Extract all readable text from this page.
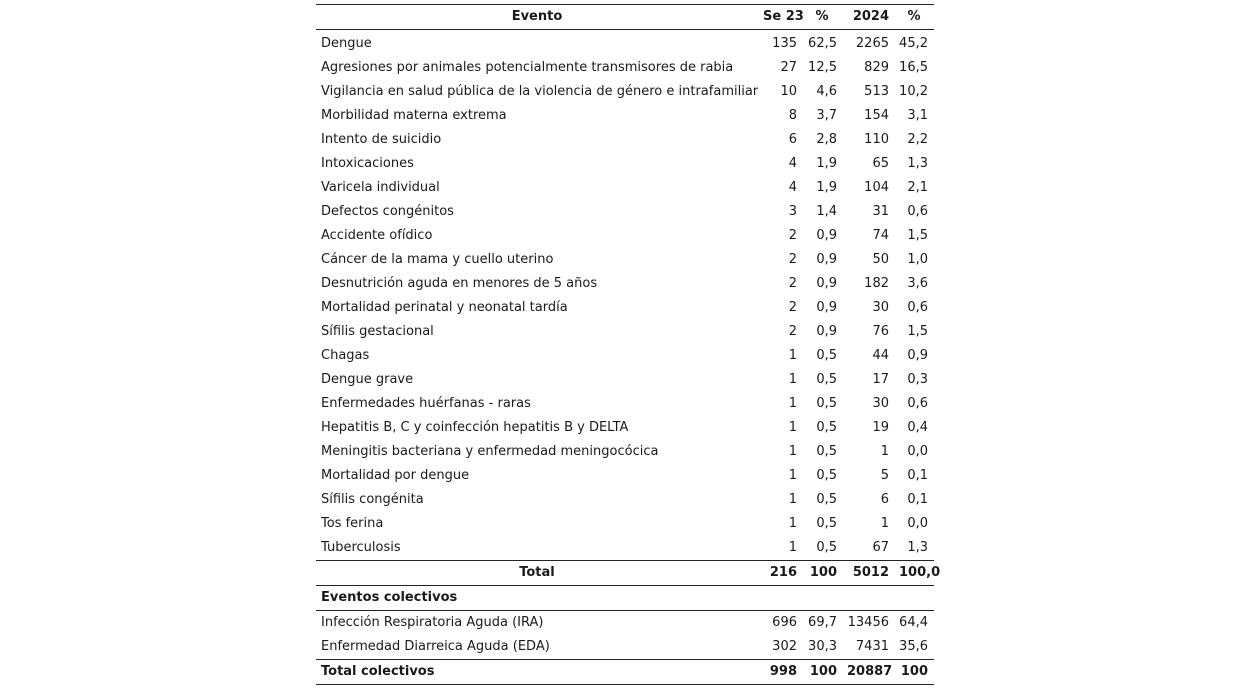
Evento	Se 23	%	2024	%
Dengue	135	62,5	2265	45,2
Agresiones por animales potencialmente transmisores de rabia	27	12,5	829	16,5
Vigilancia en salud pública de la violencia de género e intrafamiliar	10	4,6	513	10,2
Morbilidad materna extrema	8	3,7	154	3,1
Intento de suicidio	6	2,8	110	2,2
Intoxicaciones	4	1,9	65	1,3
Varicela individual	4	1,9	104	2,1
Defectos congénitos	3	1,4	31	0,6
Accidente ofídico	2	0,9	74	1,5
Cáncer de la mama y cuello uterino	2	0,9	50	1,0
Desnutrición aguda en menores de 5 años	2	0,9	182	3,6
Mortalidad perinatal y neonatal tardía	2	0,9	30	0,6
Sífilis gestacional	2	0,9	76	1,5
Chagas	1	0,5	44	0,9
Dengue grave	1	0,5	17	0,3
Enfermedades huérfanas - raras	1	0,5	30	0,6
Hepatitis B, C y coinfección hepatitis B y DELTA	1	0,5	19	0,4
Meningitis bacteriana y enfermedad meningocócica	1	0,5	1	0,0
Mortalidad por dengue	1	0,5	5	0,1
Sífilis congénita	1	0,5	6	0,1
Tos ferina	1	0,5	1	0,0
Tuberculosis	1	0,5	67	1,3
Total	216	100	5012	100,0
Eventos colectivos				
Infección Respiratoria Aguda (IRA)	696	69,7	13456	64,4
Enfermedad Diarreica Aguda (EDA)	302	30,3	7431	35,6
Total colectivos	998	100	20887	100
